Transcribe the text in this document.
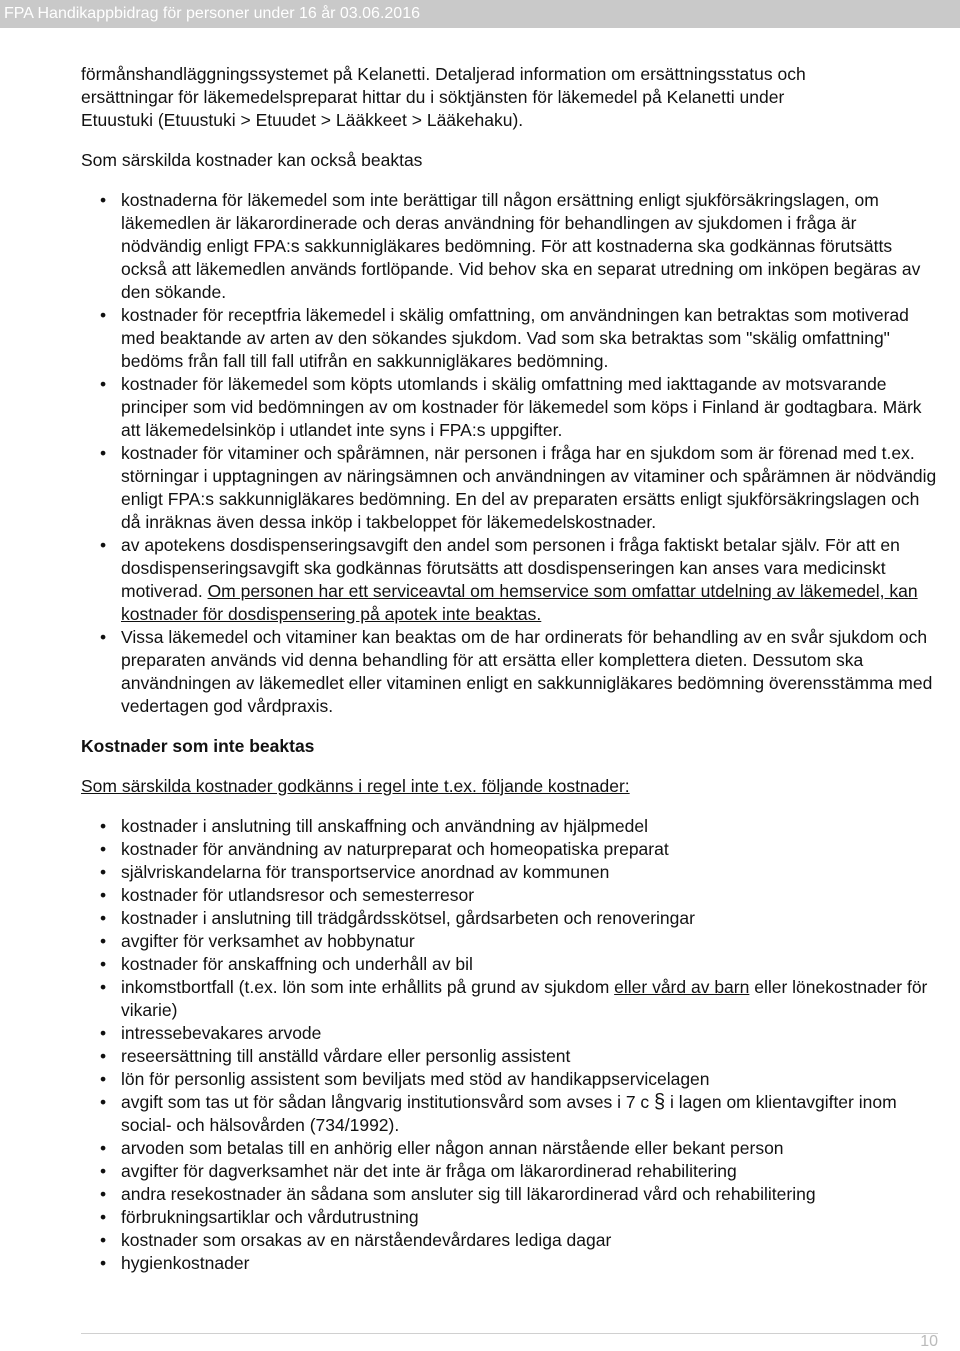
FPA Handikappbidrag för personer under 16 år 03.06.2016

förmånshandläggningssystemet på Kelanetti. Detaljerad information om ersättningsstatus och
ersättningar för läkemedelspreparat hittar du i söktjänsten för läkemedel på Kelanetti under
Etuustuki (Etuustuki > Etuudet > Lääkkeet > Lääkehaku).

Som särskilda kostnader kan också beaktas

• kostnaderna för läkemedel som inte berättigar till någon ersättning enligt sjukförsäkringslagen, om läkemedlen är läkarordinerade och deras användning för behandlingen av sjukdomen i fråga är nödvändig enligt FPA:s sakkunnigläkares bedömning. För att kostnaderna ska godkännas förutsätts också att läkemedlen används fortlöpande. Vid behov ska en separat utredning om inköpen begäras av den sökande.
• kostnader för receptfria läkemedel i skälig omfattning, om användningen kan betraktas som motiverad med beaktande av arten av den sökandes sjukdom. Vad som ska betraktas som "skälig omfattning" bedöms från fall till fall utifrån en sakkunnigläkares bedömning.
• kostnader för läkemedel som köpts utomlands i skälig omfattning med iakttagande av motsvarande principer som vid bedömningen av om kostnader för läkemedel som köps i Finland är godtagbara. Märk att läkemedelsinköp i utlandet inte syns i FPA:s uppgifter.
• kostnader för vitaminer och spårämnen, när personen i fråga har en sjukdom som är förenad med t.ex. störningar i upptagningen av näringsämnen och användningen av vitaminer och spårämnen är nödvändig enligt FPA:s sakkunnigläkares bedömning. En del av preparaten ersätts enligt sjukförsäkringslagen och då inräknas även dessa inköp i takbeloppet för läkemedelskostnader.
• av apotekens dosdispenseringsavgift den andel som personen i fråga faktiskt betalar själv. För att en dosdispenseringsavgift ska godkännas förutsätts att dosdispenseringen kan anses vara medicinskt motiverad. Om personen har ett serviceavtal om hemservice som omfattar utdelning av läkemedel, kan kostnader för dosdispensering på apotek inte beaktas.
• Vissa läkemedel och vitaminer kan beaktas om de har ordinerats för behandling av en svår sjukdom och preparaten används vid denna behandling för att ersätta eller komplettera dieten. Dessutom ska användningen av läkemedlet eller vitaminen enligt en sakkunnigläkares bedömning överensstämma med vedertagen god vårdpraxis.

Kostnader som inte beaktas

Som särskilda kostnader godkänns i regel inte t.ex. följande kostnader:

• kostnader i anslutning till anskaffning och användning av hjälpmedel
• kostnader för användning av naturpreparat och homeopatiska preparat
• självriskandelarna för transportservice anordnad av kommunen
• kostnader för utlandsresor och semesterresor
• kostnader i anslutning till trädgårdsskötsel, gårdsarbeten och renoveringar
• avgifter för verksamhet av hobbynatur
• kostnader för anskaffning och underhåll av bil
• inkomstbortfall (t.ex. lön som inte erhållits på grund av sjukdom eller vård av barn eller lönekostnader för vikarie)
• intressebevakares arvode
• reseersättning till anställd vårdare eller personlig assistent
• lön för personlig assistent som beviljats med stöd av handikappservicelagen
• avgift som tas ut för sådan långvarig institutionsvård som avses i 7 c § i lagen om klientavgifter inom social- och hälsovården (734/1992).
• arvoden som betalas till en anhörig eller någon annan närstående eller bekant person
• avgifter för dagverksamhet när det inte är fråga om läkarordinerad rehabilitering
• andra resekostnader än sådana som ansluter sig till läkarordinerad vård och rehabilitering
• förbrukningsartiklar och vårdutrustning
• kostnader som orsakas av en närståendevårdares lediga dagar
• hygienkostnader
10
